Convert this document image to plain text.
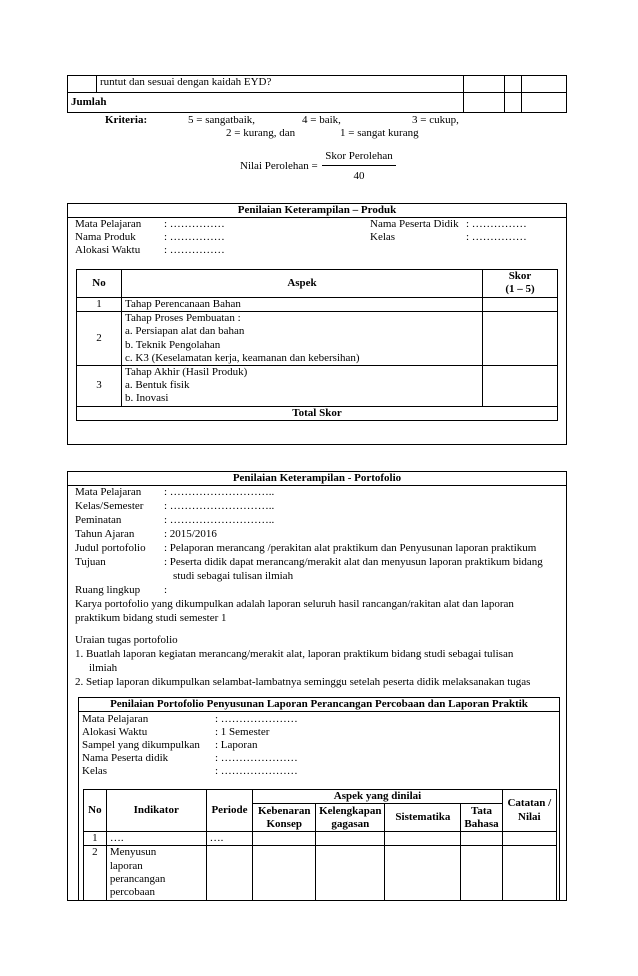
	runtut dan sesuai dengan kaidah EYD?			
Jumlah				
Kriteria:	5 = sangatbaik,	4 = baik,	3 = cukup,
2 = kurang, dan	1 = sangat kurang
Nilai Perolehan =
Skor Perolehan
40
Penilaian Keterampilan – Produk
Mata Pelajaran : ……………
Nama Produk	: ……………
Alokasi Waktu : ……………
Nama Peserta Didik : ……………
Kelas	: ……………
No	Aspek	Skor
(1 – 5)

1	Tahap Perencanaan Bahan	
2	Tahap Proses Pembuatan :
a. Persiapan alat dan bahan
b. Teknik Pengolahan
c. K3 (Keselamatan kerja, keamanan dan kebersihan)	

3	Tahap Akhir (Hasil Produk)
a. Bentuk fisik
b. Inovasi	

Total Skor		
Penilaian Keterampilan - Portofolio
Mata Pelajaran : ………………………..
Kelas/Semester : ………………………..
Peminatan	: ………………………..
Tahun Ajaran	: 2015/2016
Judul portofolio : Pelaporan merancang /perakitan alat praktikum dan Penyusunan laporan praktikum
Tujuan	: Peserta didik dapat merancang/merakit alat dan menyusun laporan praktikum bidang
studi sebagai tulisan ilmiah
Ruang lingkup :
Karya portofolio yang dikumpulkan adalah laporan seluruh hasil rancangan/rakitan alat dan laporan
praktikum bidang studi semester 1
Uraian tugas portofolio
1. Buatlah laporan kegiatan merancang/merakit alat, laporan praktikum bidang studi sebagai tulisan
ilmiah
2. Setiap laporan dikumpulkan selambat-lambatnya seminggu setelah peserta didik melaksanakan tugas
Penilaian Portofolio Penyusunan Laporan Perancangan Percobaan dan Laporan Praktik
Mata Pelajaran	: …………………
Alokasi Waktu	: 1 Semester
Sampel yang dikumpulkan : Laporan
Nama Peserta didik	: …………………
Kelas	: …………………
No	Indikator	Periode	Aspek yang dinilai				Catatan / Nilai
			Kebenaran Konsep	Kelengkapan gagasan	Sistematika	Tata Bahasa	
1	….	….					
2	Menyusun laporan perancangan percobaan						
